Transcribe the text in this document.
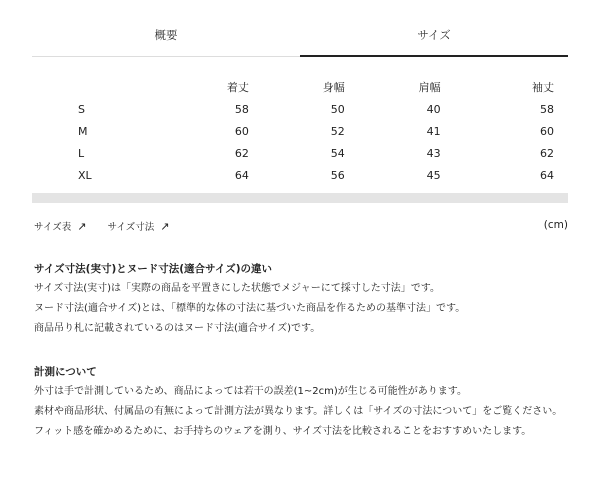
概要	サイズ
	着丈	身幅	肩幅	袖丈
S	58	50	40	58
M	60	52	41	60
L	62	54	43	62
XL	64	56	45	64
サイズ表 ↗ サイズ寸法 ↗	(cm)
サイズ寸法(実寸)とヌード寸法(適合サイズ)の違い

サイズ寸法(実寸)は「実際の商品を平置きにした状態でメジャーにて採寸した寸法」です。

ヌード寸法(適合サイズ)とは、「標準的な体の寸法に基づいた商品を作るための基準寸法」です。

商品吊り札に記載されているのはヌード寸法(適合サイズ)です。

計測について

外寸は手で計測しているため、商品によっては若干の誤差(1~2cm)が生じる可能性があります。

素材や商品形状、付属品の有無によって計測方法が異なります。詳しくは「サイズの寸法について」をご覧ください。

フィット感を確かめるために、お手持ちのウェアを測り、サイズ寸法を比較されることをおすすめいたします。
